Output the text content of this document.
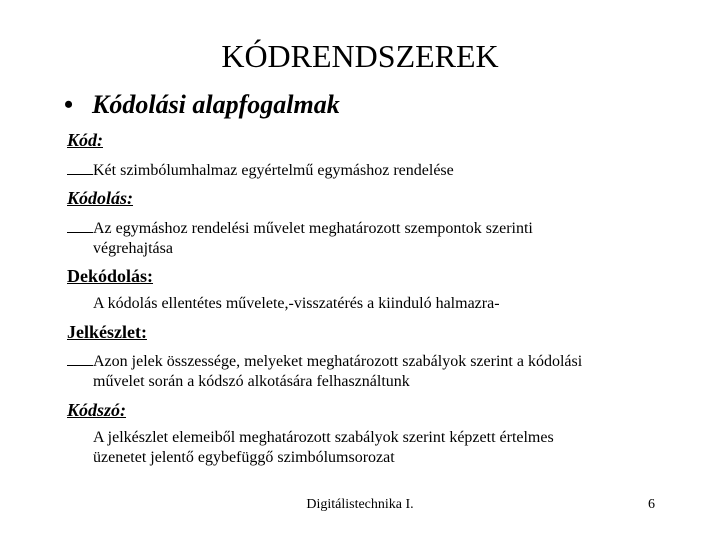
KÓDRENDSZEREK
• Kódolási alapfogalmak
Kód:
Két szimbólumhalmaz egyértelmű egymáshoz rendelése
Kódolás:
Az egymáshoz rendelési művelet meghatározott szempontok szerinti
végrehajtása
Dekódolás:
A kódolás ellentétes művelete,-visszatérés a kiinduló halmazra-
Jelkészlet:
Azon jelek összessége, melyeket meghatározott szabályok szerint a kódolási
művelet során a kódszó alkotására felhasználtunk
Kódszó:
A jelkészlet elemeiből meghatározott szabályok szerint képzett értelmes
üzenetet jelentő egybefüggő szimbólumsorozat
Digitálistechnika I.	6
